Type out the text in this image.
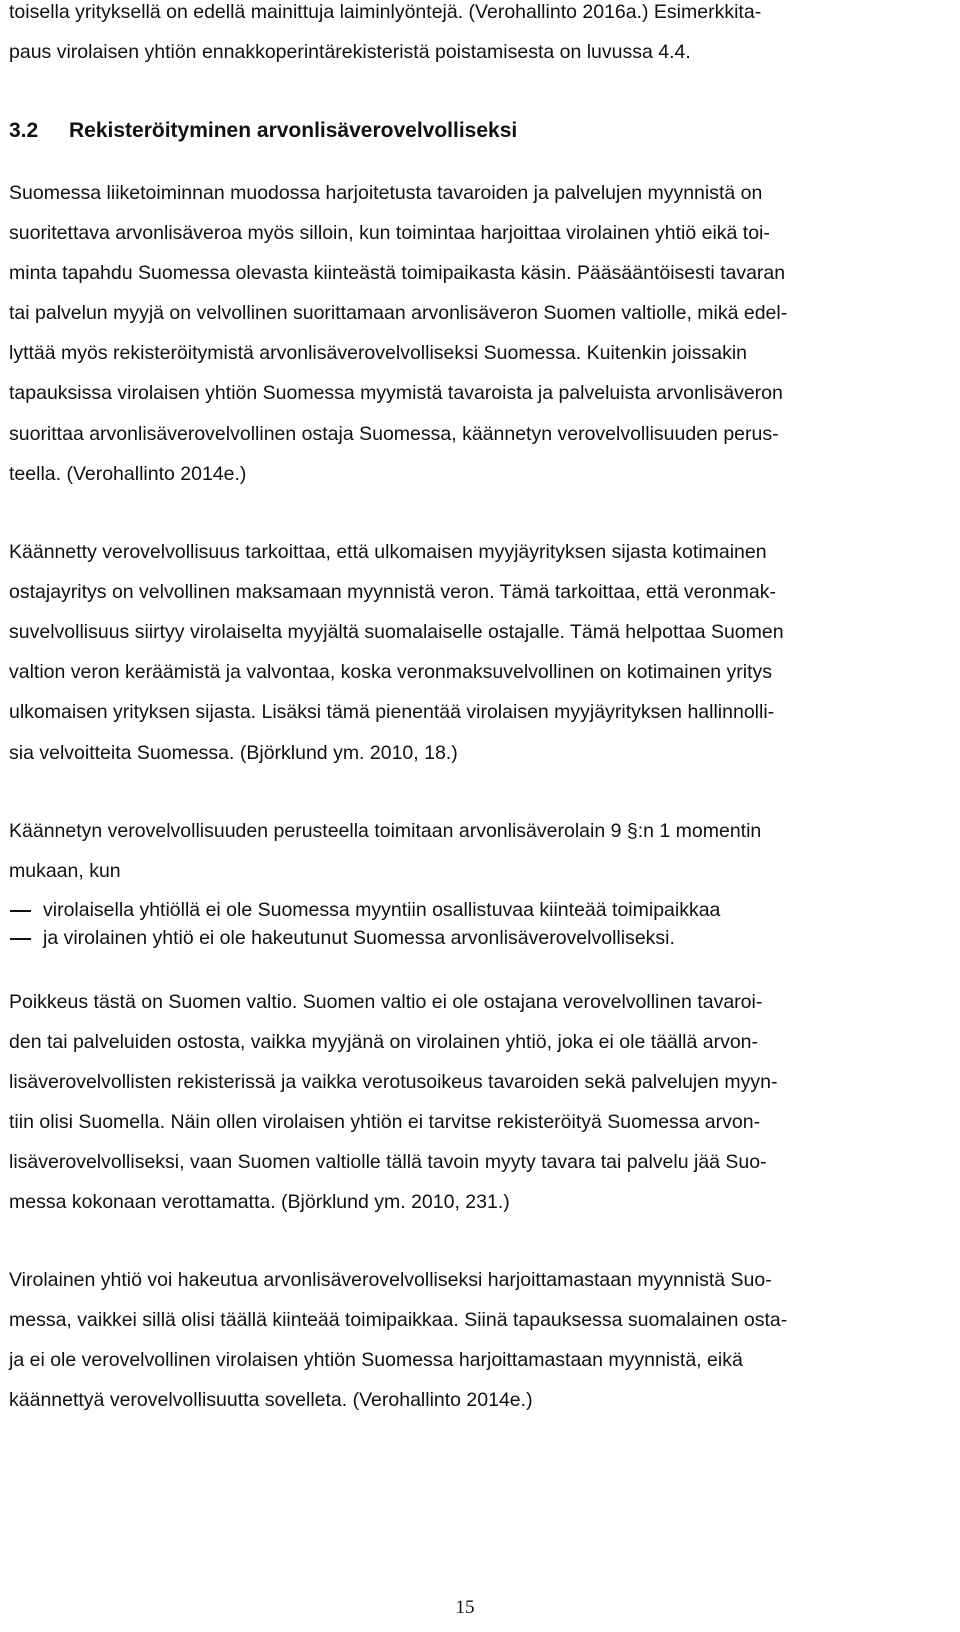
toisella yrityksellä on edellä mainittuja laiminlyöntejä. (Verohallinto 2016a.) Esimerkkita-
paus virolaisen yhtiön ennakkoperintärekisteristä poistamisesta on luvussa 4.4.
3.2 Rekisteröityminen arvonlisäverovelvolliseksi
Suomessa liiketoiminnan muodossa harjoitetusta tavaroiden ja palvelujen myynnistä on
suoritettava arvonlisäveroa myös silloin, kun toimintaa harjoittaa virolainen yhtiö eikä toi-
minta tapahdu Suomessa olevasta kiinteästä toimipaikasta käsin. Pääsääntöisesti tavaran
tai palvelun myyjä on velvollinen suorittamaan arvonlisäveron Suomen valtiolle, mikä edel-
lyttää myös rekisteröitymistä arvonlisäverovelvolliseksi Suomessa. Kuitenkin joissakin
tapauksissa virolaisen yhtiön Suomessa myymistä tavaroista ja palveluista arvonlisäveron
suorittaa arvonlisäverovelvollinen ostaja Suomessa, käännetyn verovelvollisuuden perus-
teella. (Verohallinto 2014e.)
Käännetty verovelvollisuus tarkoittaa, että ulkomaisen myyjäyrityksen sijasta kotimainen
ostajayritys on velvollinen maksamaan myynnistä veron. Tämä tarkoittaa, että veronmak-
suvelvollisuus siirtyy virolaiselta myyjältä suomalaiselle ostajalle. Tämä helpottaa Suomen
valtion veron keräämistä ja valvontaa, koska veronmaksuvelvollinen on kotimainen yritys
ulkomaisen yrityksen sijasta. Lisäksi tämä pienentää virolaisen myyjäyrityksen hallinnolli-
sia velvoitteita Suomessa. (Björklund ym. 2010, 18.)
Käännetyn verovelvollisuuden perusteella toimitaan arvonlisäverolain 9 §:n 1 momentin
mukaan, kun
virolaisella yhtiöllä ei ole Suomessa myyntiin osallistuvaa kiinteää toimipaikkaa
ja virolainen yhtiö ei ole hakeutunut Suomessa arvonlisäverovelvolliseksi.
Poikkeus tästä on Suomen valtio. Suomen valtio ei ole ostajana verovelvollinen tavaroi-
den tai palveluiden ostosta, vaikka myyjänä on virolainen yhtiö, joka ei ole täällä arvon-
lisäverovelvollisten rekisterissä ja vaikka verotusoikeus tavaroiden sekä palvelujen myyn-
tiin olisi Suomella. Näin ollen virolaisen yhtiön ei tarvitse rekisteröityä Suomessa arvon-
lisäverovelvolliseksi, vaan Suomen valtiolle tällä tavoin myyty tavara tai palvelu jää Suo-
messa kokonaan verottamatta. (Björklund ym. 2010, 231.)
Virolainen yhtiö voi hakeutua arvonlisäverovelvolliseksi harjoittamastaan myynnistä Suo-
messa, vaikkei sillä olisi täällä kiinteää toimipaikkaa. Siinä tapauksessa suomalainen osta-
ja ei ole verovelvollinen virolaisen yhtiön Suomessa harjoittamastaan myynnistä, eikä
käännettyä verovelvollisuutta sovelleta. (Verohallinto 2014e.)
15
